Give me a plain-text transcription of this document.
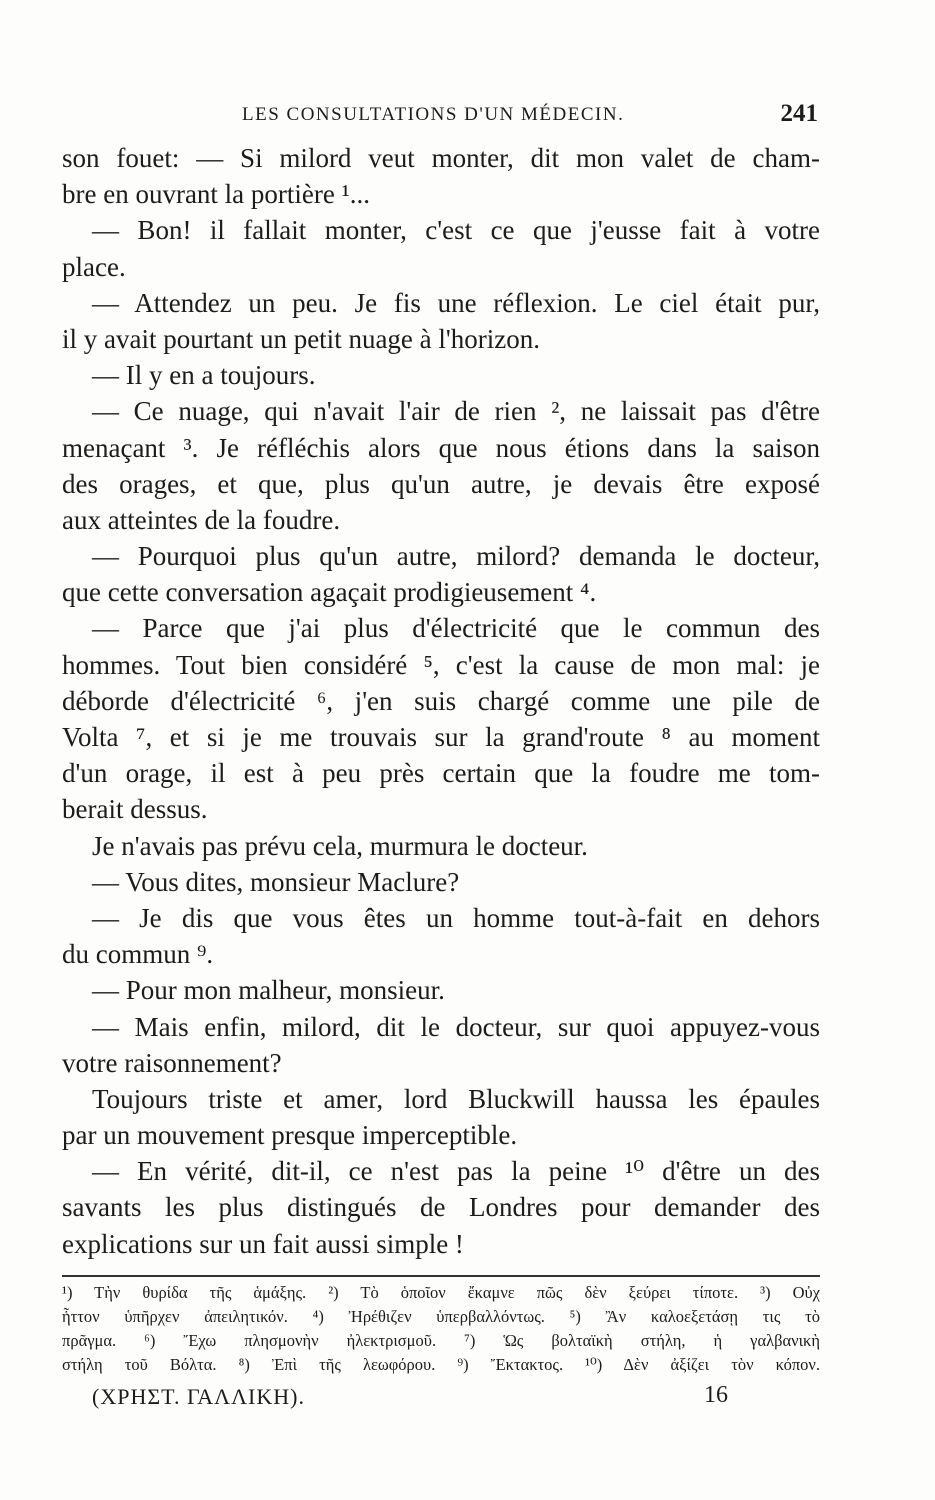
LES CONSULTATIONS D'UN MÉDECIN.	241
son fouet: — Si milord veut monter, dit mon valet de cham-
bre en ouvrant la portière ¹...
— Bon! il fallait monter, c'est ce que j'eusse fait à votre
place.
— Attendez un peu. Je fis une réflexion. Le ciel était pur,
il y avait pourtant un petit nuage à l'horizon.
— Il y en a toujours.
— Ce nuage, qui n'avait l'air de rien ², ne laissait pas d'être
menaçant ³. Je réfléchis alors que nous étions dans la saison
des orages, et que, plus qu'un autre, je devais être exposé
aux atteintes de la foudre.
— Pourquoi plus qu'un autre, milord? demanda le docteur,
que cette conversation agaçait prodigieusement ⁴.
— Parce que j'ai plus d'électricité que le commun des
hommes. Tout bien considéré ⁵, c'est la cause de mon mal: je
déborde d'électricité ⁶, j'en suis chargé comme une pile de
Volta ⁷, et si je me trouvais sur la grand'route ⁸ au moment
d'un orage, il est à peu près certain que la foudre me tom-
berait dessus.
Je n'avais pas prévu cela, murmura le docteur.
— Vous dites, monsieur Maclure?
— Je dis que vous êtes un homme tout-à-fait en dehors
du commun ⁹.
— Pour mon malheur, monsieur.
— Mais enfin, milord, dit le docteur, sur quoi appuyez-vous
votre raisonnement?
Toujours triste et amer, lord Bluckwill haussa les épaules
par un mouvement presque imperceptible.
— En vérité, dit-il, ce n'est pas la peine ¹⁰ d'être un des
savants les plus distingués de Londres pour demander des
explications sur un fait aussi simple !
¹) Τὴν θυρίδα τῆς ἁμάξης. ²) Τὸ ὁποῖον ἔκαμνε πῶς δὲν ξεύρει τίποτε. ³) Οὐχ
ἧττον ὑπῆρχεν ἀπειλητικόν. ⁴) Ἠρέθιζεν ὑπερβαλλόντως. ⁵) Ἂν καλοεξετάσῃ τις τὸ
πρᾶγμα. ⁶) Ἔχω πλησμονὴν ἠλεκτρισμοῦ. ⁷) Ὡς βολταϊκὴ στήλη, ἡ γαλβανικὴ
στήλη τοῦ Βόλτα. ⁸) Ἐπὶ τῆς λεωφόρου. ⁹) Ἔκτακτος. ¹⁰) Δὲν ἀξίζει τὸν κόπον.
(ΧΡΗΣΤ. ΓΑΛΛΙΚΗ).	16
